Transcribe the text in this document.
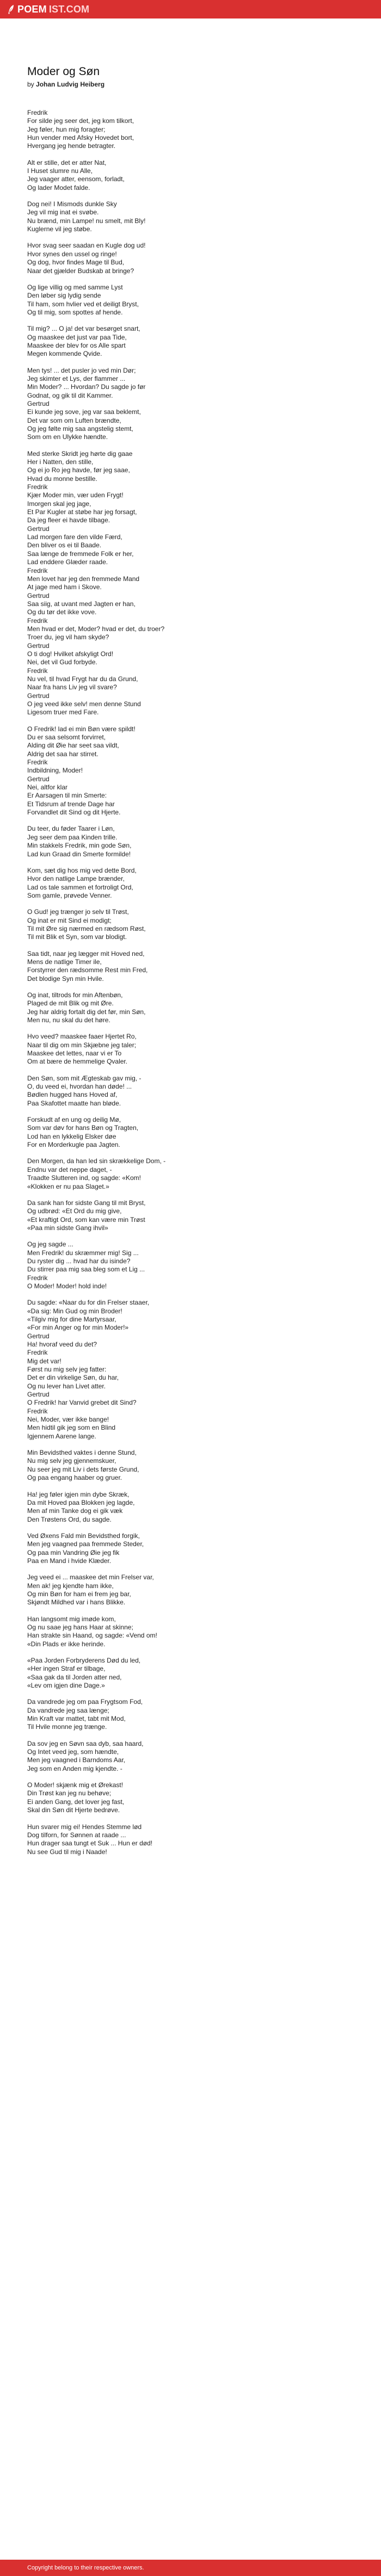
POEM IST.COM
Moder og Søn
by Johan Ludvig Heiberg
Fredrik
For silde jeg seer det, jeg kom tilkort,
Jeg føler, hun mig foragter;
Hun vender med Afsky Hovedet bort,
Hvergang jeg hende betragter.
Alt er stille, det er atter Nat,
I Huset slumre nu Alle,
Jeg vaager atter, eensom, forladt,
Og lader Modet falde.
Dog nei! I Mismods dunkle Sky
Jeg vil mig inat ei svøbe.
Nu brænd, min Lampe! nu smelt, mit Bly!
Kuglerne vil jeg støbe.
Hvor svag seer saadan en Kugle dog ud!
Hvor synes den ussel og ringe!
Og dog, hvor findes Mage til Bud,
Naar det gjælder Budskab at bringe?
Og lige villig og med samme Lyst
Den løber sig lydig sende
Til ham, som hvlier ved et deiligt Bryst,
Og til mig, som spottes af hende.
Til mig? ... O ja! det var besørget snart,
Og maaskee det just var paa Tide,
Maaskee der blev for os Alle spart
Megen kommende Qvide.
Men tys! ... det pusler jo ved min Dør;
Jeg skimter et Lys, der flammer ...
Min Moder? ... Hvordan? Du sagde jo før
Godnat, og gik til dit Kammer.
Gertrud
Ei kunde jeg sove, jeg var saa beklemt,
Det var som om Luften brændte,
Og jeg følte mig saa angstelig stemt,
Som om en Ulykke hændte.
Med sterke Skridt jeg hørte dig gaae
Her i Natten, den stille,
Og ei jo Ro jeg havde, før jeg saae,
Hvad du monne bestille.
Fredrik
Kjær Moder min, vær uden Frygt!
Imorgen skal jeg jage,
Et Par Kugler at støbe har jeg forsagt,
Da jeg fleer ei havde tilbage.
Gertrud
Lad morgen fare den vilde Færd,
Den bliver os ei til Baade.
Saa længe de fremmede Folk er her,
Lad enddere Glæder raade.
Fredrik
Men lovet har jeg den fremmede Mand
At jage med ham i Skove.
Gertrud
Saa siig, at uvant med Jagten er han,
Og du tør det ikke vove.
Fredrik
Men hvad er det, Moder? hvad er det, du troer?
Troer du, jeg vil ham skyde?
Gertrud
O ti dog! Hvilket afskyligt Ord!
Nei, det vil Gud forbyde.
Fredrik
Nu vel, til hvad Frygt har du da Grund,
Naar fra hans Liv jeg vil svare?
Gertrud
O jeg veed ikke selv! men denne Stund
Ligesom truer med Fare.
O Fredrik! lad ei min Bøn være spildt!
Du er saa selsomt forvirret,
Alding dit Øie har seet saa vildt,
Aldrig det saa har stirret.
Fredrik
Indbildning, Moder!
Gertrud
Nei, altfor klar
Er Aarsagen til min Smerte:
Et Tidsrum af trende Dage har
Forvandlet dit Sind og dit Hjerte.
Du teer, du føder Taarer i Løn,
Jeg seer dem paa Kinden trille.
Min stakkels Fredrik, min gode Søn,
Lad kun Graad din Smerte formilde!
Kom, sæt dig hos mig ved dette Bord,
Hvor den natlige Lampe brænder,
Lad os tale sammen et fortroligt Ord,
Som gamle, prøvede Venner.
O Gud! jeg trænger jo selv til Trøst,
Og inat er mit Sind ei modigt;
Til mit Øre sig nærmed en rædsom Røst,
Til mit Blik et Syn, som var blodigt.
Saa tidt, naar jeg lægger mit Hoved ned,
Mens de natlige Timer ile,
Forstyrrer den rædsomme Rest min Fred,
Det blodige Syn min Hvile.
Og inat, tiltrods for min Aftenbøn,
Plaged de mit Blik og mit Øre.
Jeg har aldrig fortalt dig det før, min Søn,
Men nu, nu skal du det høre.
Hvo veed? maaskee faaer Hjertet Ro,
Naar til dig om min Skjæbne jeg taler;
Maaskee det lettes, naar vi er To
Om at bære de hemmelige Qvaler.
Den Søn, som mit Ægteskab gav mig, -
O, du veed ei, hvordan han døde! ...
Bødlen hugged hans Hoved af,
Paa Skafottet maatte han bløde.
Forskudt af en ung og deilig Mø,
Som var døv for hans Bøn og Tragten,
Lod han en lykkelig Elsker døe
For en Morderkugle paa Jagten.
Den Morgen, da han led sin skrækkelige Dom, -
Endnu var det neppe daget, -
Traadte Slutteren ind, og sagde: «Kom!
«Klokken er nu paa Slaget.»
Da sank han for sidste Gang til mit Bryst,
Og udbrød: «Et Ord du mig give,
«Et kraftigt Ord, som kan være min Trøst
«Paa min sidste Gang ihvil»
Og jeg sagde ...
Men Fredrik! du skræmmer mig! Sig ...
Du ryster dig ... hvad har du isinde?
Du stirrer paa mig saa bleg som et Lig ...
Fredrik
O Moder! Moder! hold inde!
Du sagde: «Naar du for din Frelser staaer,
«Da sig: Min Gud og min Broder!
«Tilgiv mig for dine Martyrsaar,
«For min Anger og for min Moder!»
Gertrud
Ha! hvoraf veed du det?
Fredrik
Mig det var!
Først nu mig selv jeg fatter:
Det er din virkelige Søn, du har,
Og nu lever han Livet atter.
Gertrud
O Fredrik! har Vanvid grebet dit Sind?
Fredrik
Nei, Moder, vær ikke bange!
Men hidtil gik jeg som en Blind
Igjennem Aarene lange.
Min Bevidsthed vaktes i denne Stund,
Nu mig selv jeg gjennemskuer,
Nu seer jeg mit Liv i dets første Grund,
Og paa engang haaber og gruer.
Ha! jeg føler igjen min dybe Skræk,
Da mit Hoved paa Blokken jeg lagde,
Men af min Tanke dog ei gik væk
Den Trøstens Ord, du sagde.
Ved Øxens Fald min Bevidsthed forgik,
Men jeg vaagned paa fremmede Steder,
Og paa min Vandring Øie jeg fik
Paa en Mand i hvide Klæder.
Jeg veed ei ... maaskee det min Frelser var,
Men ak! jeg kjendte ham ikke,
Og min Bøn for ham ei frem jeg bar,
Skjøndt Mildhed var i hans Blikke.
Han langsomt mig imøde kom,
Og nu saae jeg hans Haar at skinne;
Han strakte sin Haand, og sagde: «Vend om!
«Din Plads er ikke herinde.
«Paa Jorden Forbryderens Død du led,
«Her ingen Straf er tilbage,
«Saa gak da til Jorden atter ned,
«Lev om igjen dine Dage.»
Da vandrede jeg om paa Frygtsom Fod,
Da vandrede jeg saa længe;
Min Kraft var mattet, tabt mit Mod,
Til Hvile monne jeg trænge.
Da sov jeg en Søvn saa dyb, saa haard,
Og Intet veed jeg, som hændte,
Men jeg vaagned i Barndoms Aar,
Jeg som en Anden mig kjendte. -
O Moder! skjænk mig et Ørekast!
Din Trøst kan jeg nu behøve;
Ei anden Gang, det lover jeg fast,
Skal din Søn dit Hjerte bedrøve.
Hun svarer mig ei! Hendes Stemme lød
Dog tilforn, for Sønnen at raade ...
Hun drager saa tungt et Suk ... Hun er død!
Nu see Gud til mig i Naade!
Copyright belong to their respective owners.
